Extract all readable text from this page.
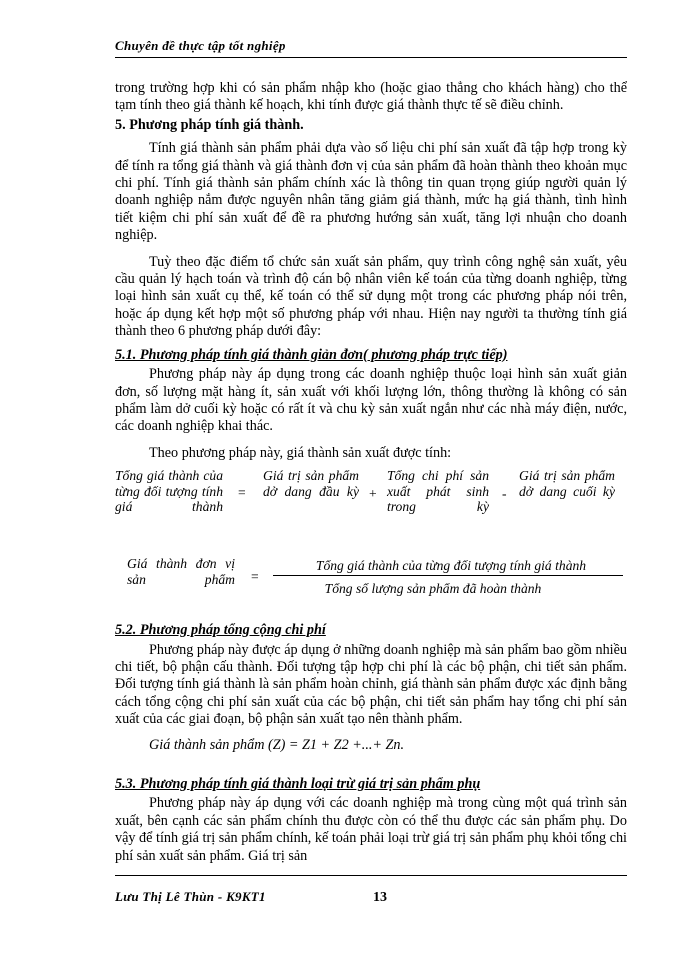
Chuyên đề thực tập tốt nghiệp

trong trường hợp khi có sản phẩm nhập kho (hoặc giao thẳng cho khách hàng) cho thể tạm tính theo giá thành kế hoạch, khi tính được giá thành thực tế sẽ điều chỉnh.

5. Phương pháp tính giá thành.

Tính giá thành sản phẩm phải dựa vào số liệu chi phí sản xuất đã tập hợp trong kỳ để tính ra tổng giá thành và giá thành đơn vị của sản phẩm đã hoàn thành theo khoản mục chi phí. Tính giá thành sản phẩm chính xác là thông tin quan trọng giúp người quản lý doanh nghiệp nắm được nguyên nhân tăng giảm giá thành, mức hạ giá thành, tình hình tiết kiệm chi phí sản xuất để đề ra phương hướng sản xuất, tăng lợi nhuận cho doanh nghiệp.

Tuỳ theo đặc điểm tổ chức sản xuất sản phẩm, quy trình công nghệ sản xuất, yêu cầu quản lý hạch toán và trình độ cán bộ nhân viên kế toán của từng doanh nghiệp, từng loại hình sản xuất cụ thể, kế toán có thể sử dụng một trong các phương pháp nói trên, hoặc áp dụng kết hợp một số phương pháp với nhau. Hiện nay người ta thường tính giá thành theo 6 phương pháp dưới đây:

5.1. Phương pháp tính giá thành giản đơn( phương pháp trực tiếp)

Phương pháp này áp dụng trong các doanh nghiệp thuộc loại hình sản xuất giản đơn, số lượng mặt hàng ít, sản xuất với khối lượng lớn, thông thường là không có sản phẩm làm dở cuối kỳ hoặc có rất ít và chu kỳ sản xuất ngắn như các nhà máy điện, nước, các doanh nghiệp khai thác.

Theo phương pháp này, giá thành sản xuất được tính:

Tổng giá thành của từng đối tượng tính giá thành
=
Giá trị sản phẩm dở dang đầu kỳ +
Tổng chi phí sản xuất phát sinh trong kỳ
-
Giá trị sản phẩm dở dang cuối kỳ
Giá thành đơn vị sản phẩm =
Tổng giá thành của từng đối tượng tính giá thành
Tổng số lượng sản phẩm đã hoàn thành

5.2. Phương pháp tổng cộng chi phí

Phương pháp này được áp dụng ở những doanh nghiệp mà sản phẩm bao gồm nhiều chi tiết, bộ phận cấu thành. Đối tượng tập hợp chi phí là các bộ phận, chi tiết sản phẩm. Đối tượng tính giá thành là sản phẩm hoàn chỉnh, giá thành sản phẩm được xác định bằng cách tổng cộng chi phí sản xuất của các bộ phận, chi tiết sản phẩm hay tổng chi phí sản xuất của các giai đoạn, bộ phận sản xuất tạo nên thành phẩm.

Giá thành sản phẩm (Z) = Z1 + Z2 +...+ Zn.

5.3. Phương pháp tính giá thành loại trừ giá trị sản phẩm phụ

Phương pháp này áp dụng với các doanh nghiệp mà trong cùng một quá trình sản xuất, bên cạnh các sản phẩm chính thu được còn có thể thu được các sản phẩm phụ. Do vậy để tính giá trị sản phẩm chính, kế toán phải loại trừ giá trị sản phẩm phụ khỏi tổng chi phí sản xuất sản phẩm. Giá trị sản

Lưu Thị Lê Thùn - K9KT1	13
